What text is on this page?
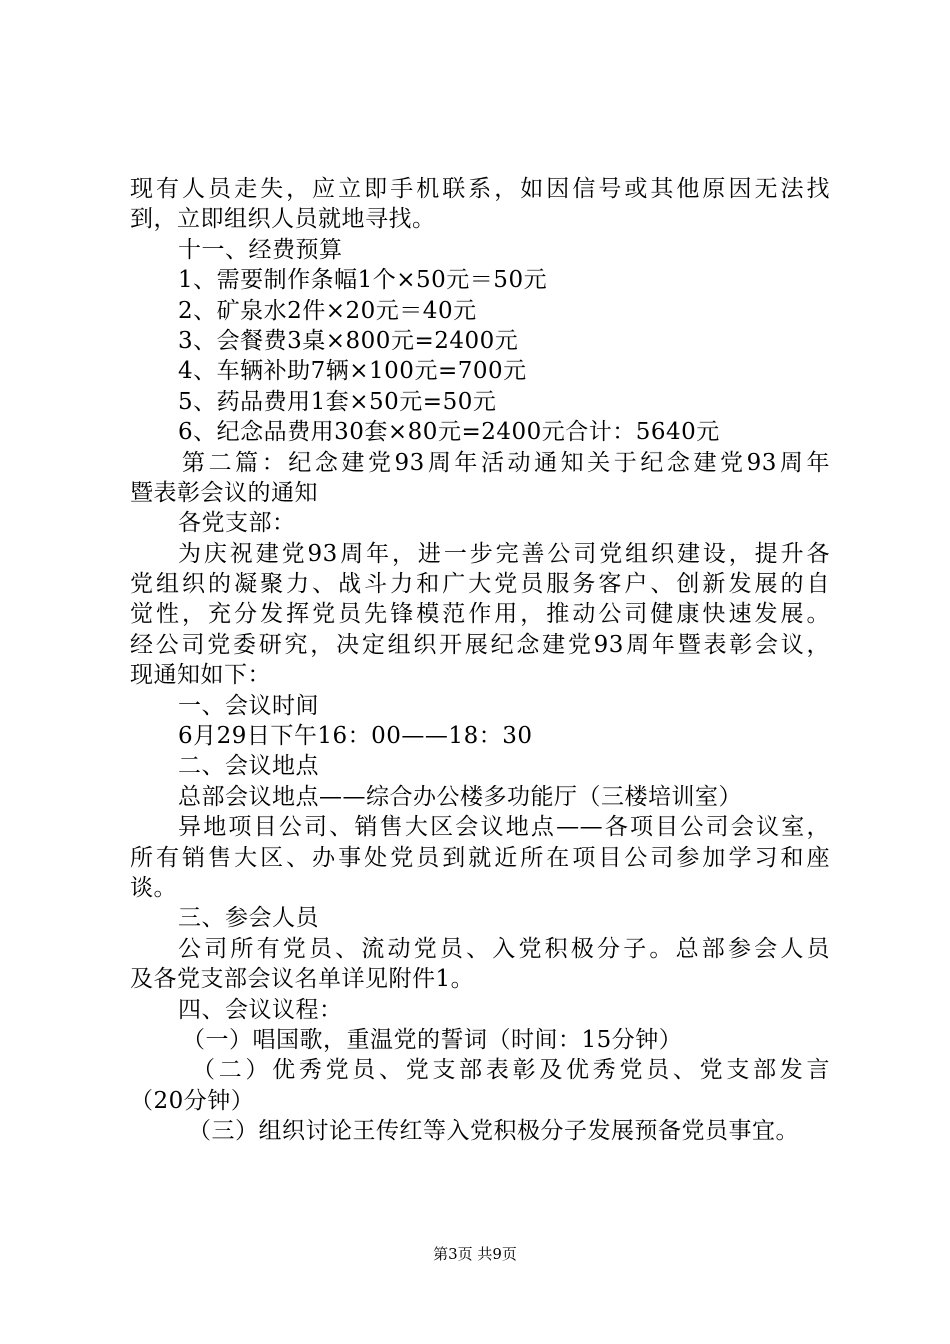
现有人员走失，应立即手机联系，如因信号或其他原因无法找
到，立即组织人员就地寻找。
十一、经费预算
1、需要制作条幅1个×50元＝50元
2、矿泉水2件×20元＝40元
3、会餐费3桌×800元=2400元
4、车辆补助7辆×100元=700元
5、药品费用1套×50元=50元
6、纪念品费用30套×80元=2400元合计：5640元
第二篇：纪念建党93周年活动通知关于纪念建党93周年
暨表彰会议的通知
各党支部：
为庆祝建党93周年，进一步完善公司党组织建设，提升各
党组织的凝聚力、战斗力和广大党员服务客户、创新发展的自
觉性，充分发挥党员先锋模范作用，推动公司健康快速发展。
经公司党委研究，决定组织开展纪念建党93周年暨表彰会议，
现通知如下：
一、会议时间
6月29日下午16：00——18：30
二、会议地点
总部会议地点——综合办公楼多功能厅（三楼培训室）
异地项目公司、销售大区会议地点——各项目公司会议室，
所有销售大区、办事处党员到就近所在项目公司参加学习和座
谈。
三、参会人员
公司所有党员、流动党员、入党积极分子。总部参会人员
及各党支部会议名单详见附件1。
四、会议议程：
（一）唱国歌，重温党的誓词（时间：15分钟）
（二）优秀党员、党支部表彰及优秀党员、党支部发言
（20分钟）
（三）组织讨论王传红等入党积极分子发展预备党员事宜。
第3页 共9页
